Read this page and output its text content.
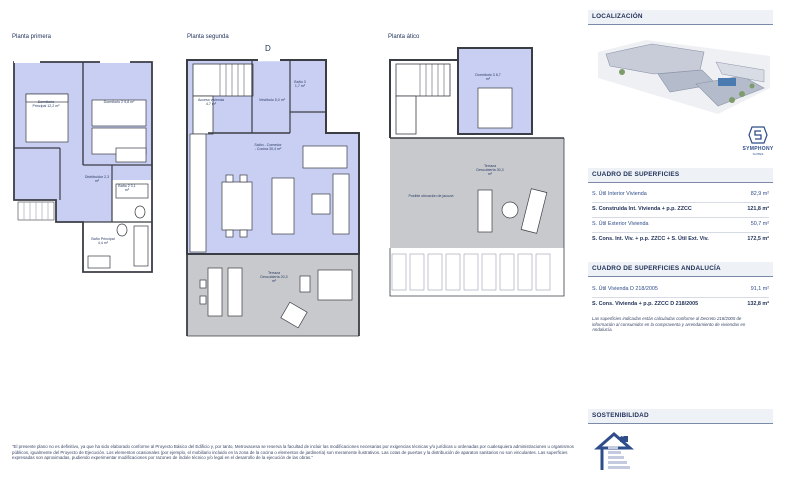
Planta primera	Planta segunda	Planta ático
D
Dormitorio Principal 12,2 m²
Dormitorio 2 9,8 m²
Distribuidor 2,3 m²
Baño 2 3,1 m²
Baño Principal 4,4 m²
Acceso vivienda 4,7 m²
Vestíbulo 5,0 m²
Baño 3 1,7 m²
Salón - Comedor - Cocina 30,4 m²
Terraza Descubierta 20,3 m²
Dormitorio 3 8,7 m²
Terraza Descubierta 30,3 m²
Posible ubicación de jacuzzi
"El presente plano no es definitivo, ya que ha sido elaborado conforme al Proyecto Básico del Edificio y, por tanto, Metrovacesa se reserva la facultad de incluir las modificaciones necesarias por exigencias técnicas y/o jurídicas u ordenadas por cualesquiera administraciones u organismos públicos, igualmente del Proyecto de Ejecución. Los elementos ocasionales (por ejemplo, el mobiliario incluido en la zona de la cocina o elementos de jardinería) son meramente ilustrativos. Las cotas de puertas y la distribución de aparatos sanitarios no son vinculantes. Las superficies expresadas son aproximadas, pudiendo experimentar modificaciones por razones de índole técnico y/o legal en el desarrollo de la ejecución de las obras."
LOCALIZACIÓN
SYMPHONY
SUITES
CUADRO DE SUPERFICIES
S. Útil Interior Vivienda	82,9 m²
S. Construida Int. Vivienda + p.p. ZZCC	121,8 m²
S. Útil Exterior Vivienda	50,7 m²
S. Cons. Int. Viv. + p.p. ZZCC + S. Útil Ext. Viv.	172,5 m²
CUADRO DE SUPERFICIES ANDALUCÍA
S. Útil Vivienda D 218/2005	91,1 m²
S. Cons. Vivienda + p.p. ZZCC D 218/2005	132,8 m²
Las superficies indicadas están calculadas conforme al Decreto 218/2005 de información al consumidor en la compraventa y arrendamiento de viviendas en Andalucía.
SOSTENIBILIDAD
A
